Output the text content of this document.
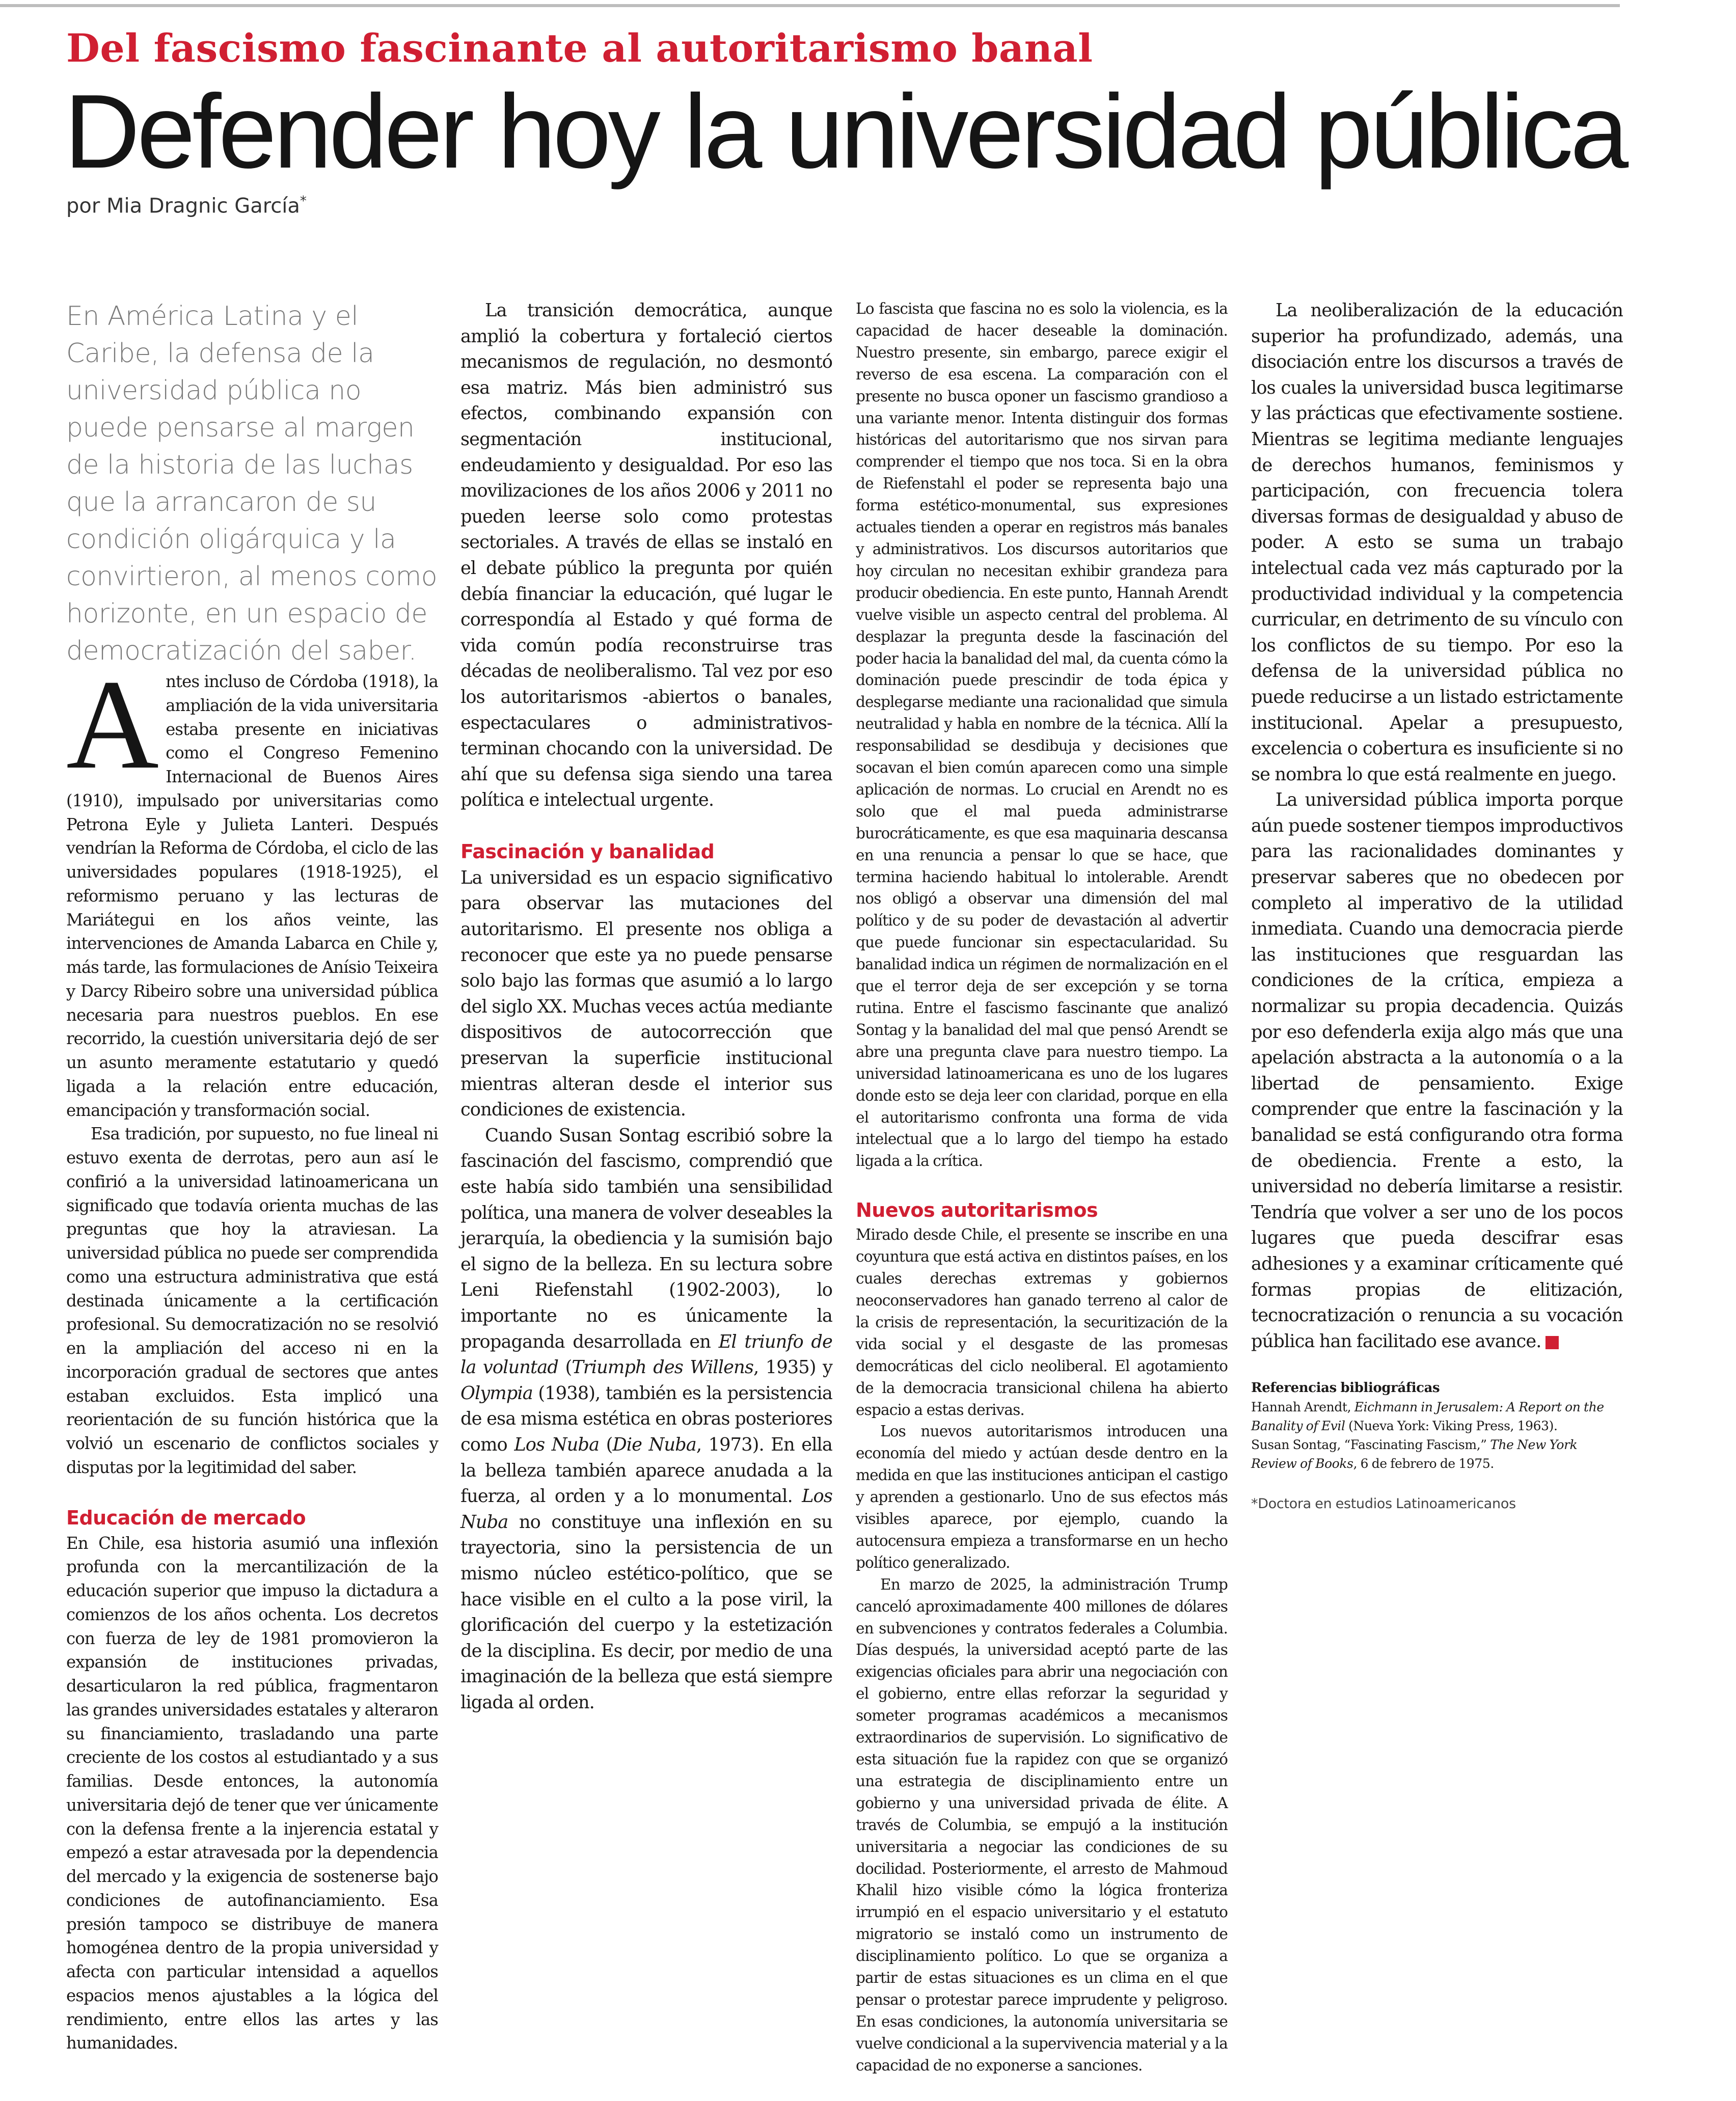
Del fascismo fascinante al autoritarismo banal
Defender hoy la universidad pública
por Mia Dragnic García*

En América Latina y el Caribe, la defensa de la universidad pública no puede pensarse al margen de la historia de las luchas que la arrancaron de su condición oligárquica y la convirtieron, al menos como horizonte, en un espacio de democratización del saber.

Antes incluso de Córdoba (1918), la ampliación de la vida universitaria estaba presente en iniciativas como el Congreso Femenino Internacional de Buenos Aires (1910), impulsado por universitarias como Petrona Eyle y Julieta Lanteri. Después vendrían la Reforma de Córdoba, el ciclo de las universidades populares (1918-1925), el reformismo peruano y las lecturas de Mariátegui en los años veinte, las intervenciones de Amanda Labarca en Chile y, más tarde, las formulaciones de Anísio Teixeira y Darcy Ribeiro sobre una universidad pública necesaria para nuestros pueblos. En ese recorrido, la cuestión universitaria dejó de ser un asunto meramente estatutario y quedó ligada a la relación entre educación, emancipación y transformación social.

Esa tradición, por supuesto, no fue lineal ni estuvo exenta de derrotas, pero aun así le confirió a la universidad latinoamericana un significado que todavía orienta muchas de las preguntas que hoy la atraviesan. La universidad pública no puede ser comprendida como una estructura administrativa que está destinada únicamente a la certificación profesional. Su democratización no se resolvió en la ampliación del acceso ni en la incorporación gradual de sectores que antes estaban excluidos. Esta implicó una reorientación de su función histórica que la volvió un escenario de conflictos sociales y disputas por la legitimidad del saber.

Educación de mercado

En Chile, esa historia asumió una inflexión profunda con la mercantilización de la educación superior que impuso la dictadura a comienzos de los años ochenta. Los decretos con fuerza de ley de 1981 promovieron la expansión de instituciones privadas, desarticularon la red pública, fragmentaron las grandes universidades estatales y alteraron su financiamiento, trasladando una parte creciente de los costos al estudiantado y a sus familias. Desde entonces, la autonomía universitaria dejó de tener que ver únicamente con la defensa frente a la injerencia estatal y empezó a estar atravesada por la dependencia del mercado y la exigencia de sostenerse bajo condiciones de autofinanciamiento. Esa presión tampoco se distribuye de manera homogénea dentro de la propia universidad y afecta con particular intensidad a aquellos espacios menos ajustables a la lógica del rendimiento, entre ellos las artes y las humanidades.

La transición democrática, aunque amplió la cobertura y fortaleció ciertos mecanismos de regulación, no desmontó esa matriz. Más bien administró sus efectos, combinando expansión con segmentación institucional, endeudamiento y desigualdad. Por eso las movilizaciones de los años 2006 y 2011 no pueden leerse solo como protestas sectoriales. A través de ellas se instaló en el debate público la pregunta por quién debía financiar la educación, qué lugar le correspondía al Estado y qué forma de vida común podía reconstruirse tras décadas de neoliberalismo. Tal vez por eso los autoritarismos -abiertos o banales, espectaculares o administrativos- terminan chocando con la universidad. De ahí que su defensa siga siendo una tarea política e intelectual urgente.

Fascinación y banalidad

La universidad es un espacio significativo para observar las mutaciones del autoritarismo. El presente nos obliga a reconocer que este ya no puede pensarse solo bajo las formas que asumió a lo largo del siglo XX. Muchas veces actúa mediante dispositivos de autocorrección que preservan la superficie institucional mientras alteran desde el interior sus condiciones de existencia.

Cuando Susan Sontag escribió sobre la fascinación del fascismo, comprendió que este había sido también una sensibilidad política, una manera de volver deseables la jerarquía, la obediencia y la sumisión bajo el signo de la belleza. En su lectura sobre Leni Riefenstahl (1902-2003), lo importante no es únicamente la propaganda desarrollada en El triunfo de la voluntad (Triumph des Willens, 1935) y Olympia (1938), también es la persistencia de esa misma estética en obras posteriores como Los Nuba (Die Nuba, 1973). En ella la belleza también aparece anudada a la fuerza, al orden y a lo monumental. Los Nuba no constituye una inflexión en su trayectoria, sino la persistencia de un mismo núcleo estético-político, que se hace visible en el culto a la pose viril, la glorificación del cuerpo y la estetización de la disciplina. Es decir, por medio de una imaginación de la belleza que está siempre ligada al orden.

Lo fascista que fascina no es solo la violencia, es la capacidad de hacer deseable la dominación. Nuestro presente, sin embargo, parece exigir el reverso de esa escena. La comparación con el presente no busca oponer un fascismo grandioso a una variante menor. Intenta distinguir dos formas históricas del autoritarismo que nos sirvan para comprender el tiempo que nos toca. Si en la obra de Riefenstahl el poder se representa bajo una forma estético-monumental, sus expresiones actuales tienden a operar en registros más banales y administrativos. Los discursos autoritarios que hoy circulan no necesitan exhibir grandeza para producir obediencia. En este punto, Hannah Arendt vuelve visible un aspecto central del problema. Al desplazar la pregunta desde la fascinación del poder hacia la banalidad del mal, da cuenta cómo la dominación puede prescindir de toda épica y desplegarse mediante una racionalidad que simula neutralidad y habla en nombre de la técnica. Allí la responsabilidad se desdibuja y decisiones que socavan el bien común aparecen como una simple aplicación de normas. Lo crucial en Arendt no es solo que el mal pueda administrarse burocráticamente, es que esa maquinaria descansa en una renuncia a pensar lo que se hace, que termina haciendo habitual lo intolerable. Arendt nos obligó a observar una dimensión del mal político y de su poder de devastación al advertir que puede funcionar sin espectacularidad. Su banalidad indica un régimen de normalización en el que el terror deja de ser excepción y se torna rutina. Entre el fascismo fascinante que analizó Sontag y la banalidad del mal que pensó Arendt se abre una pregunta clave para nuestro tiempo. La universidad latinoamericana es uno de los lugares donde esto se deja leer con claridad, porque en ella el autoritarismo confronta una forma de vida intelectual que a lo largo del tiempo ha estado ligada a la crítica.

Nuevos autoritarismos

Mirado desde Chile, el presente se inscribe en una coyuntura que está activa en distintos países, en los cuales derechas extremas y gobiernos neoconservadores han ganado terreno al calor de la crisis de representación, la securitización de la vida social y el desgaste de las promesas democráticas del ciclo neoliberal. El agotamiento de la democracia transicional chilena ha abierto espacio a estas derivas.

Los nuevos autoritarismos introducen una economía del miedo y actúan desde dentro en la medida en que las instituciones anticipan el castigo y aprenden a gestionarlo. Uno de sus efectos más visibles aparece, por ejemplo, cuando la autocensura empieza a transformarse en un hecho político generalizado.

En marzo de 2025, la administración Trump canceló aproximadamente 400 millones de dólares en subvenciones y contratos federales a Columbia. Días después, la universidad aceptó parte de las exigencias oficiales para abrir una negociación con el gobierno, entre ellas reforzar la seguridad y someter programas académicos a mecanismos extraordinarios de supervisión. Lo significativo de esta situación fue la rapidez con que se organizó una estrategia de disciplinamiento entre un gobierno y una universidad privada de élite. A través de Columbia, se empujó a la institución universitaria a negociar las condiciones de su docilidad. Posteriormente, el arresto de Mahmoud Khalil hizo visible cómo la lógica fronteriza irrumpió en el espacio universitario y el estatuto migratorio se instaló como un instrumento de disciplinamiento político. Lo que se organiza a partir de estas situaciones es un clima en el que pensar o protestar parece imprudente y peligroso. En esas condiciones, la autonomía universitaria se vuelve condicional a la supervivencia material y a la capacidad de no exponerse a sanciones.

La neoliberalización de la educación superior ha profundizado, además, una disociación entre los discursos a través de los cuales la universidad busca legitimarse y las prácticas que efectivamente sostiene. Mientras se legitima mediante lenguajes de derechos humanos, feminismos y participación, con frecuencia tolera diversas formas de desigualdad y abuso de poder. A esto se suma un trabajo intelectual cada vez más capturado por la productividad individual y la competencia curricular, en detrimento de su vínculo con los conflictos de su tiempo. Por eso la defensa de la universidad pública no puede reducirse a un listado estrictamente institucional. Apelar a presupuesto, excelencia o cobertura es insuficiente si no se nombra lo que está realmente en juego.

La universidad pública importa porque aún puede sostener tiempos improductivos para las racionalidades dominantes y preservar saberes que no obedecen por completo al imperativo de la utilidad inmediata. Cuando una democracia pierde las instituciones que resguardan las condiciones de la crítica, empieza a normalizar su propia decadencia. Quizás por eso defenderla exija algo más que una apelación abstracta a la autonomía o a la libertad de pensamiento. Exige comprender que entre la fascinación y la banalidad se está configurando otra forma de obediencia. Frente a esto, la universidad no debería limitarse a resistir. Tendría que volver a ser uno de los pocos lugares que pueda descifrar esas adhesiones y a examinar críticamente qué formas propias de elitización, tecnocratización o renuncia a su vocación pública han facilitado ese avance.

Referencias bibliográficas

Hannah Arendt, Eichmann in Jerusalem: A Report on the Banality of Evil (Nueva York: Viking Press, 1963).

Susan Sontag, “Fascinating Fascism,” The New York Review of Books, 6 de febrero de 1975.

*Doctora en estudios Latinoamericanos
